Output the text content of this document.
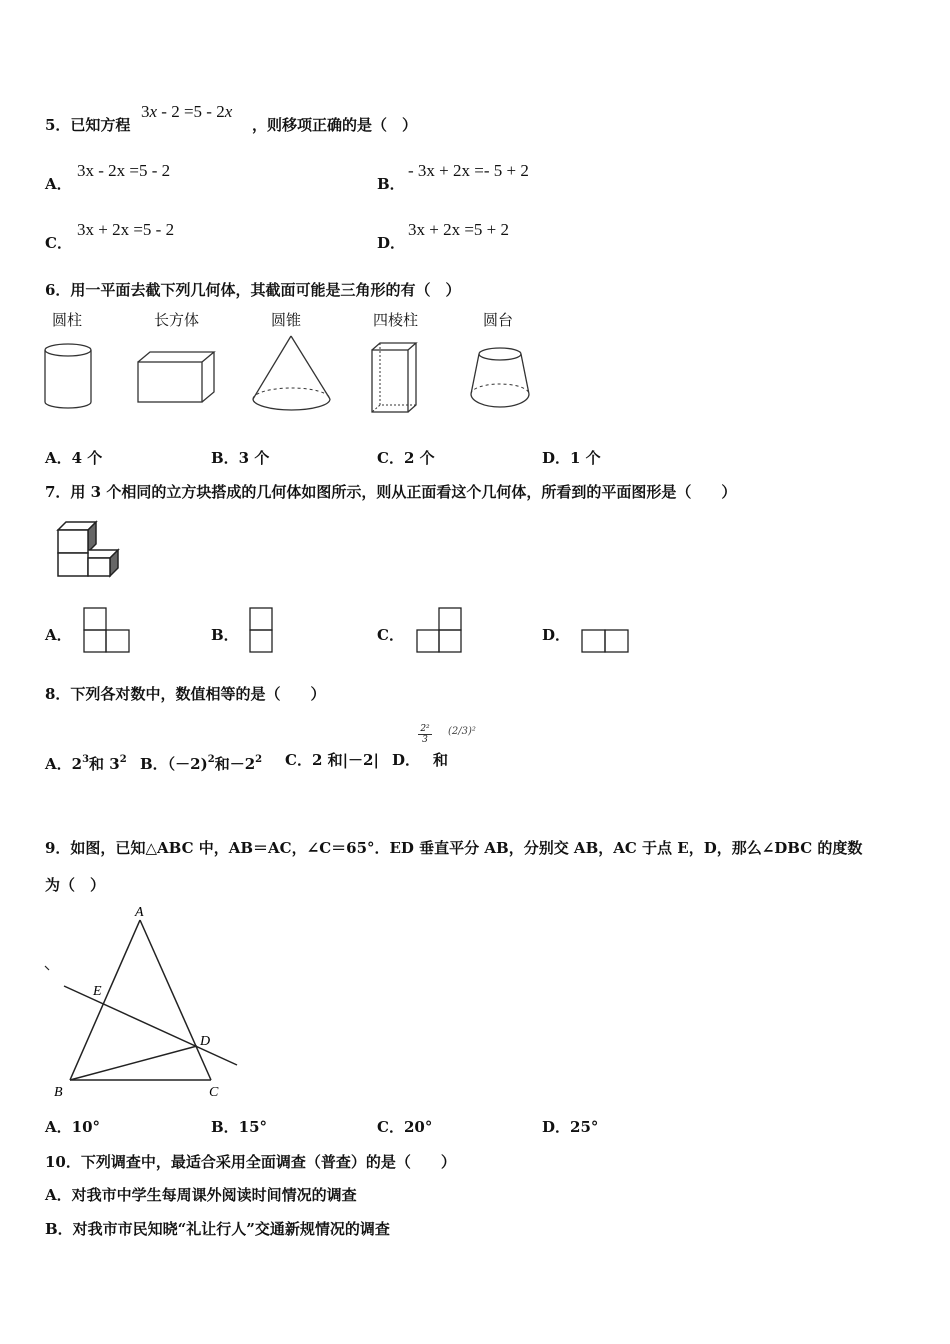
5．已知方程
3x - 2 =5 - 2x
，则移项正确的是（　）
A．
3x - 2x =5 - 2
B．
- 3x + 2x =- 5 + 2
C．
3x + 2x =5 - 2
D．
3x + 2x =5 + 2
6．用一平面去截下列几何体，其截面可能是三角形的有（　）
圆柱	长方体	圆锥	四棱柱	圆台
A．4 个	B．3 个	C．2 个	D．1 个
7．用 3 个相同的立方块搭成的几何体如图所示，则从正面看这个几何体，所看到的平面图形是（　　）
A．	B．	C．	D．
8．下列各对数中，数值相等的是（　　）
A．$2^3$和 $3^2$ B．（－2)$^2$和$-2^2$ C．2 和|－2| D．
2²
3
和
(2/3)²
9．如图，已知△ABC 中，AB＝AC，∠C＝65°．ED 垂直平分 AB，分别交 AB，AC 于点 E，D，那么∠DBC 的度数
为（　）
A
B	C
D
E
A．10°	B．15°	C．20°	D．25°
10．下列调查中，最适合采用全面调查（普查）的是（　　）
A．对我市中学生每周课外阅读时间情况的调查
B．对我市市民知晓“礼让行人”交通新规情况的调查
